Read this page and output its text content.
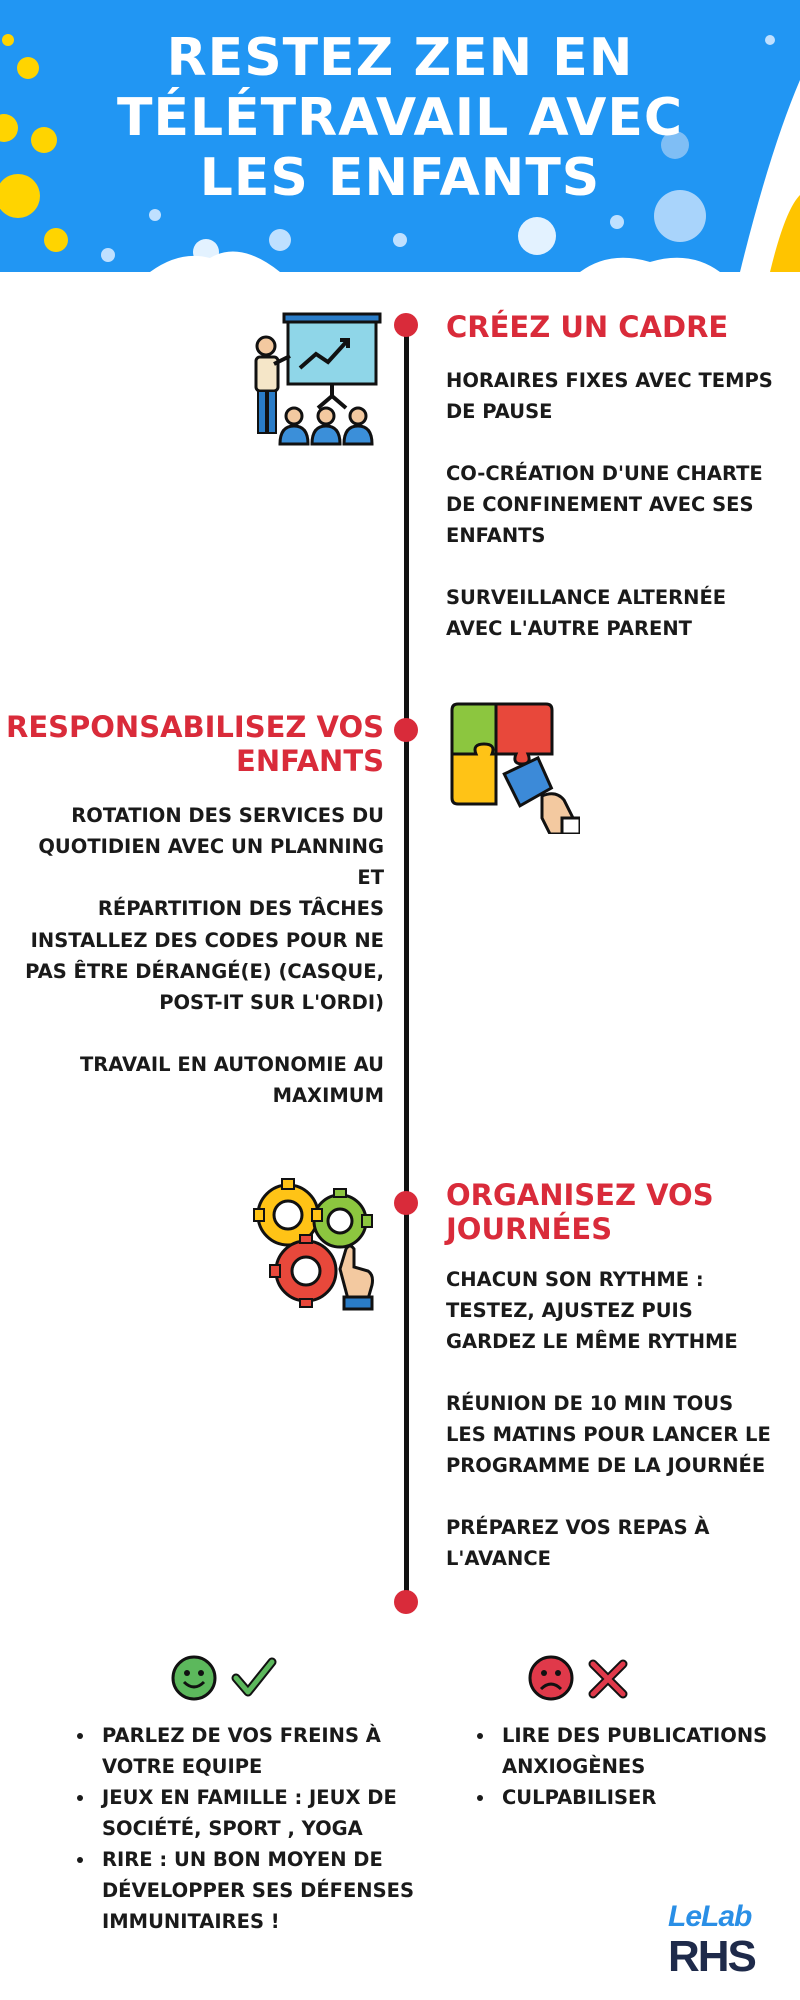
RESTEZ ZEN EN
TÉLÉTRAVAIL AVEC
LES ENFANTS
CRÉEZ UN CADRE
HORAIRES FIXES AVEC TEMPS
DE PAUSE
CO-CRÉATION D'UNE CHARTE
DE CONFINEMENT AVEC SES
ENFANTS
SURVEILLANCE ALTERNÉE
AVEC L'AUTRE PARENT
RESPONSABILISEZ VOS
ENFANTS
ROTATION DES SERVICES DU
QUOTIDIEN AVEC UN PLANNING ET
RÉPARTITION DES TÂCHES
INSTALLEZ DES CODES POUR NE
PAS ÊTRE DÉRANGÉ(E) (CASQUE,
POST-IT SUR L'ORDI)
TRAVAIL EN AUTONOMIE AU
MAXIMUM
ORGANISEZ VOS
JOURNÉES
CHACUN SON RYTHME :
TESTEZ, AJUSTEZ PUIS
GARDEZ LE MÊME RYTHME
RÉUNION DE 10 MIN TOUS
LES MATINS POUR LANCER LE
PROGRAMME DE LA JOURNÉE
PRÉPAREZ VOS REPAS À
L'AVANCE
• PARLEZ DE VOS FREINS À VOTRE EQUIPE
• JEUX EN FAMILLE : JEUX DE SOCIÉTÉ, SPORT , YOGA
• RIRE : UN BON MOYEN DE DÉVELOPPER SES DÉFENSES IMMUNITAIRES !
• LIRE DES PUBLICATIONS ANXIOGÈNES
• CULPABILISER
LeLab
RHS
